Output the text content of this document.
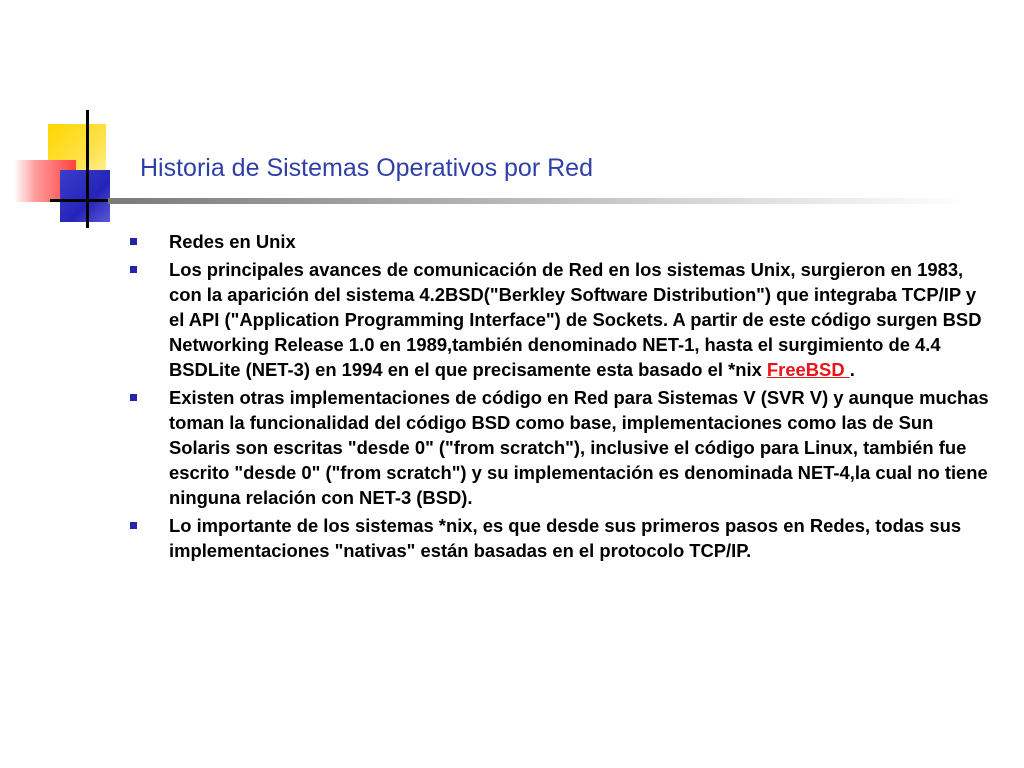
Historia de Sistemas Operativos por Red
Redes en Unix
Los principales avances de comunicación de Red en los sistemas Unix, surgieron en 1983, con la aparición del sistema 4.2BSD("Berkley Software Distribution") que integraba TCP/IP y el API ("Application Programming Interface") de Sockets. A partir de este código surgen BSD Networking Release 1.0 en 1989,también denominado NET-1, hasta el surgimiento de 4.4 BSDLite (NET-3) en 1994 en el que precisamente esta basado el *nix FreeBSD .
Existen otras implementaciones de código en Red para Sistemas V (SVR V) y aunque muchas toman la funcionalidad del código BSD como base, implementaciones como las de Sun Solaris son escritas "desde 0" ("from scratch"), inclusive el código para Linux, también fue escrito "desde 0" ("from scratch") y su implementación es denominada NET-4,la cual no tiene ninguna relación con NET-3 (BSD).
Lo importante de los sistemas *nix, es que desde sus primeros pasos en Redes, todas sus implementaciones "nativas" están basadas en el protocolo TCP/IP.
